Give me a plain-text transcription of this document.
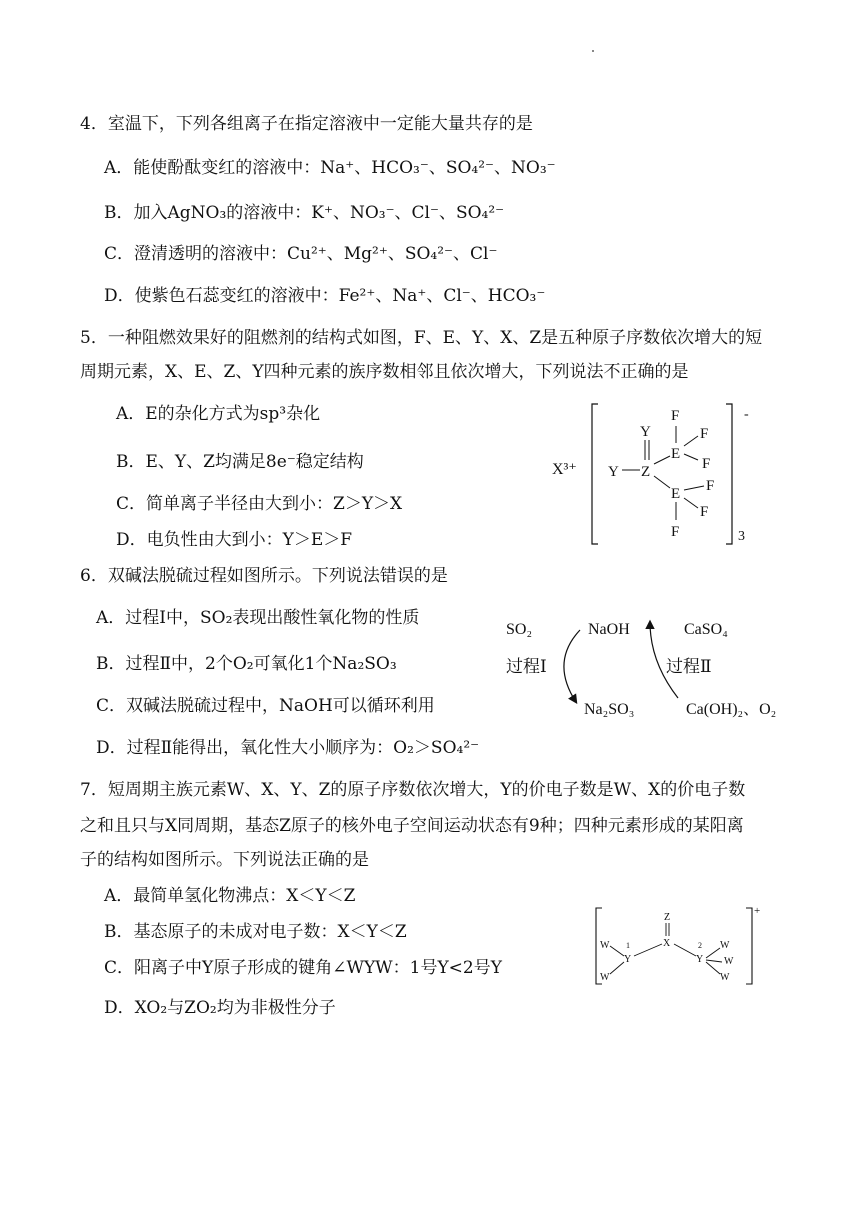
4．室温下，下列各组离子在指定溶液中一定能大量共存的是
A．能使酚酞变红的溶液中：Na⁺、HCO₃⁻、SO₄²⁻、NO₃⁻
B．加入AgNO₃的溶液中：K⁺、NO₃⁻、Cl⁻、SO₄²⁻
C．澄清透明的溶液中：Cu²⁺、Mg²⁺、SO₄²⁻、Cl⁻
D．使紫色石蕊变红的溶液中：Fe²⁺、Na⁺、Cl⁻、HCO₃⁻
5．一种阻燃效果好的阻燃剂的结构式如图，F、E、Y、X、Z是五种原子序数依次增大的短
周期元素，X、E、Z、Y四种元素的族序数相邻且依次增大，下列说法不正确的是
A．E的杂化方式为sp³杂化
B．E、Y、Z均满足8e⁻稳定结构
C．简单离子半径由大到小：Z＞Y＞X
D．电负性由大到小：Y＞E＞F
X³⁺
-
3
Y
Y Z
E
E
F
F
F
F
F
F
6．双碱法脱硫过程如图所示。下列说法错误的是
A．过程Ⅰ中，SO₂表现出酸性氧化物的性质
B．过程Ⅱ中，2个O₂可氧化1个Na₂SO₃
C．双碱法脱硫过程中，NaOH可以循环利用
D．过程Ⅱ能得出，氧化性大小顺序为：O₂＞SO₄²⁻
SO₂	NaOH	CaSO₄
过程Ⅰ	过程Ⅱ
Na₂SO₃	Ca(OH)₂、O₂
7．短周期主族元素W、X、Y、Z的原子序数依次增大，Y的价电子数是W、X的价电子数
之和且只与X同周期，基态Z原子的核外电子空间运动状态有9种；四种元素形成的某阳离
子的结构如图所示。下列说法正确的是
A．最简单氢化物沸点：X＜Y＜Z
B．基态原子的未成对电子数：X＜Y＜Z
C．阳离子中Y原子形成的键角∠WYW：1号Y<2号Y
D．XO₂与ZO₂均为非极性分子
+
Z
X
1
Y
W
W
2
Y
W
W
W
